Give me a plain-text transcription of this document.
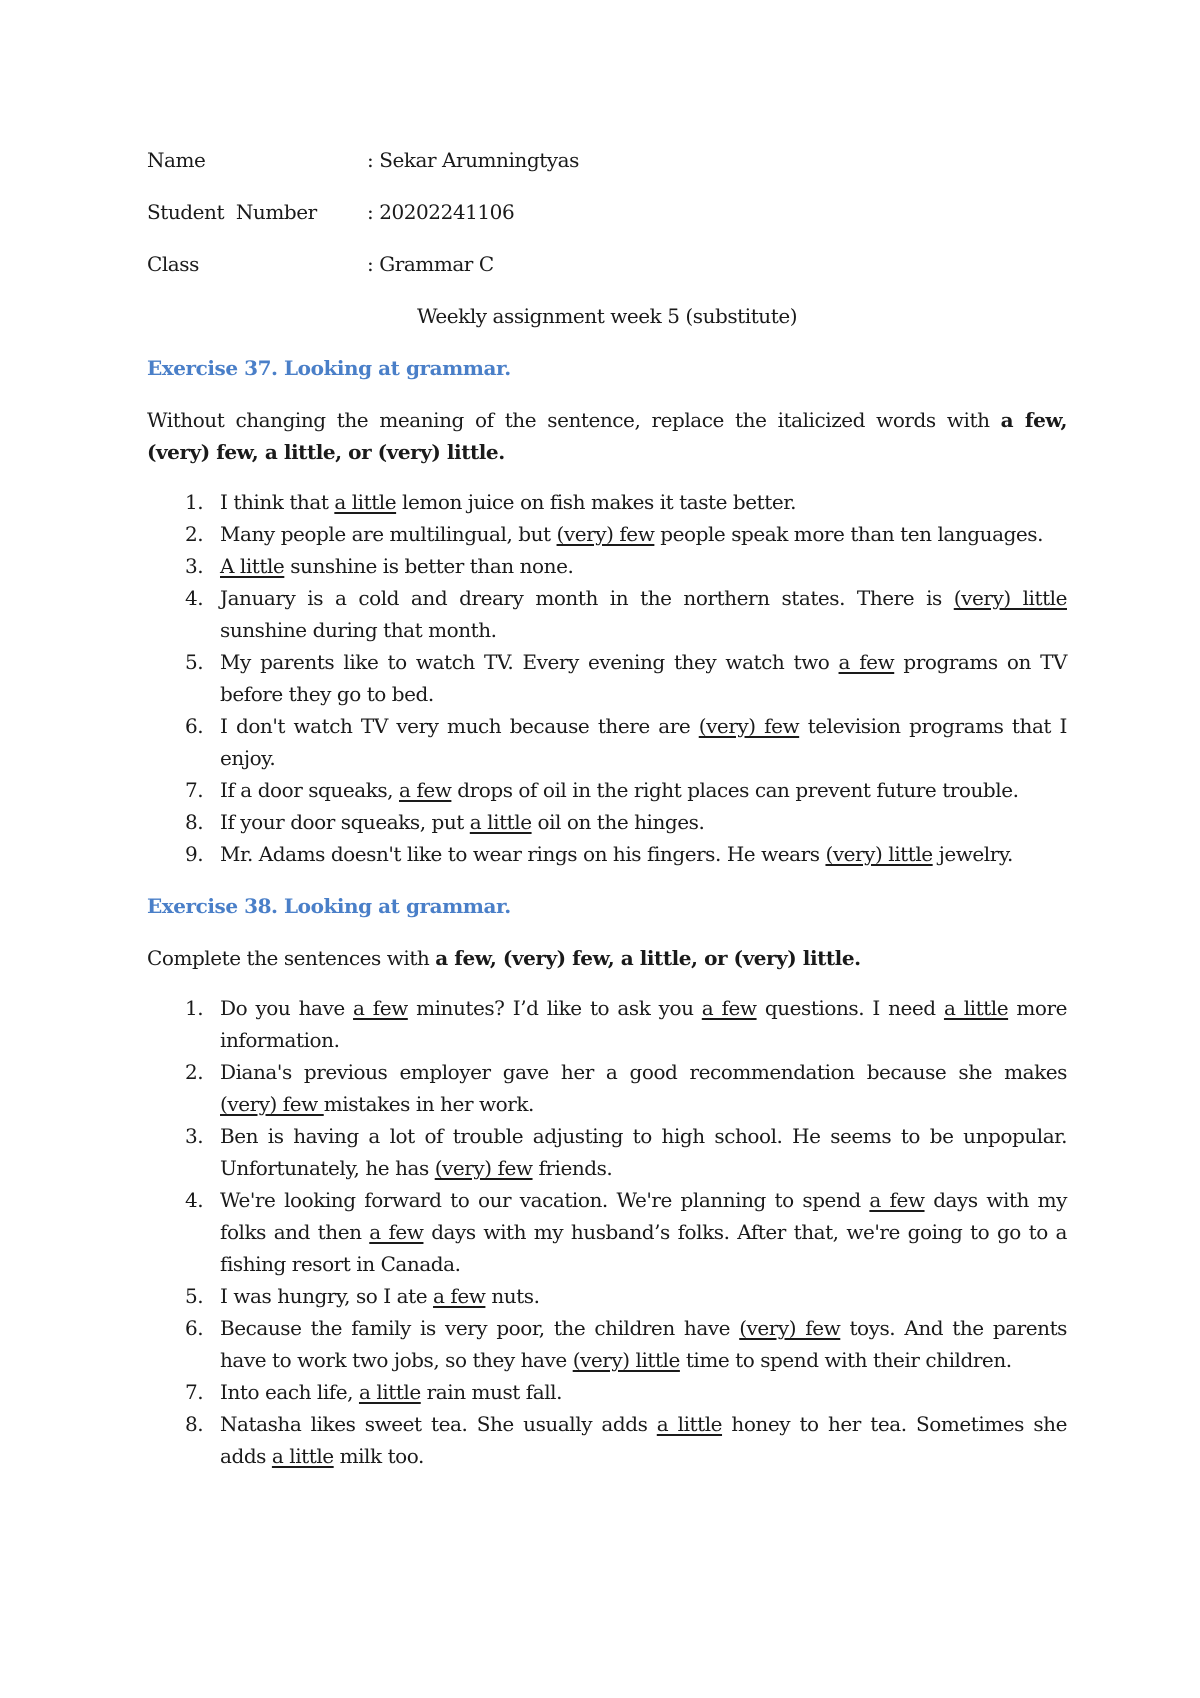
Name	: Sekar Arumningtyas
Student  Number	: 20202241106
Class	: Grammar C
Weekly assignment week 5 (substitute)
Exercise 37. Looking at grammar.
Without changing the meaning of the sentence, replace the italicized words with a few, (very) few, a little, or (very) little.
1. I think that a little lemon juice on fish makes it taste better.
2. Many people are multilingual, but (very) few people speak more than ten languages.
3. A little sunshine is better than none.
4. January is a cold and dreary month in the northern states. There is (very) little sunshine during that month.
5. My parents like to watch TV. Every evening they watch two a few programs on TV before they go to bed.
6. I don't watch TV very much because there are (very) few television programs that I enjoy.
7. If a door squeaks, a few drops of oil in the right places can prevent future trouble.
8. If your door squeaks, put a little oil on the hinges.
9. Mr. Adams doesn't like to wear rings on his fingers. He wears (very) little jewelry.
Exercise 38. Looking at grammar.
Complete the sentences with a few, (very) few, a little, or (very) little.
1. Do you have a few minutes? I’d like to ask you a few questions. I need a little more information.
2. Diana's previous employer gave her a good recommendation because she makes (very) few mistakes in her work.
3. Ben is having a lot of trouble adjusting to high school. He seems to be unpopular. Unfortunately, he has (very) few friends.
4. We're looking forward to our vacation. We're planning to spend a few days with my folks and then a few days with my husband’s folks. After that, we're going to go to a fishing resort in Canada.
5. I was hungry, so I ate a few nuts.
6. Because the family is very poor, the children have (very) few toys. And the parents have to work two jobs, so they have (very) little time to spend with their children.
7. Into each life, a little rain must fall.
8. Natasha likes sweet tea. She usually adds a little honey to her tea. Sometimes she adds a little milk too.
